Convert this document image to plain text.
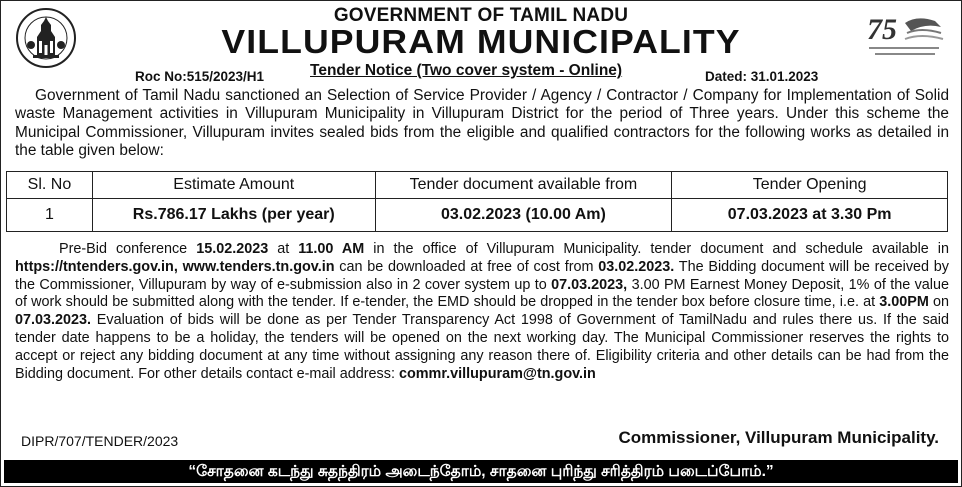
75
GOVERNMENT OF TAMIL NADU
VILLUPURAM MUNICIPALITY
Roc No:515/2023/H1	Tender Notice (Two cover system - Online)	Dated: 31.01.2023

Government of Tamil Nadu sanctioned an Selection of Service Provider / Agency / Contractor / Company for Implementation of Solid waste Management activities in Villupuram Municipality in Villupuram District for the period of Three years. Under this scheme the Municipal Commissioner, Villupuram invites sealed bids from the eligible and qualified contractors for the following works as detailed in the table given below:

Sl. No	Estimate Amount	Tender document available from	Tender Opening
1	Rs.786.17 Lakhs (per year)	03.02.2023 (10.00 Am)	07.03.2023 at 3.30 Pm

Pre-Bid conference 15.02.2023 at 11.00 AM in the office of Villupuram Municipality. tender document and schedule available in https://tntenders.gov.in, www.tenders.tn.gov.in can be downloaded at free of cost from 03.02.2023. The Bidding document will be received by the Commissioner, Villupuram by way of e-submission also in 2 cover system up to 07.03.2023, 3.00 PM Earnest Money Deposit, 1% of the value of work should be submitted along with the tender. If e-tender, the EMD should be dropped in the tender box before closure time, i.e. at 3.00PM on 07.03.2023. Evaluation of bids will be done as per Tender Transparency Act 1998 of Government of TamilNadu and rules there us. If the said tender date happens to be a holiday, the tenders will be opened on the next working day. The Municipal Commissioner reserves the rights to accept or reject any bidding document at any time without assigning any reason there of. Eligibility criteria and other details can be had from the Bidding document. For other details contact e-mail address: commr.villupuram@tn.gov.in

DIPR/707/TENDER/2023	Commissioner, Villupuram Municipality.
“சோதனை கடந்து சுதந்திரம் அடைந்தோம், சாதனை புரிந்து சரித்திரம் படைப்போம்.”
